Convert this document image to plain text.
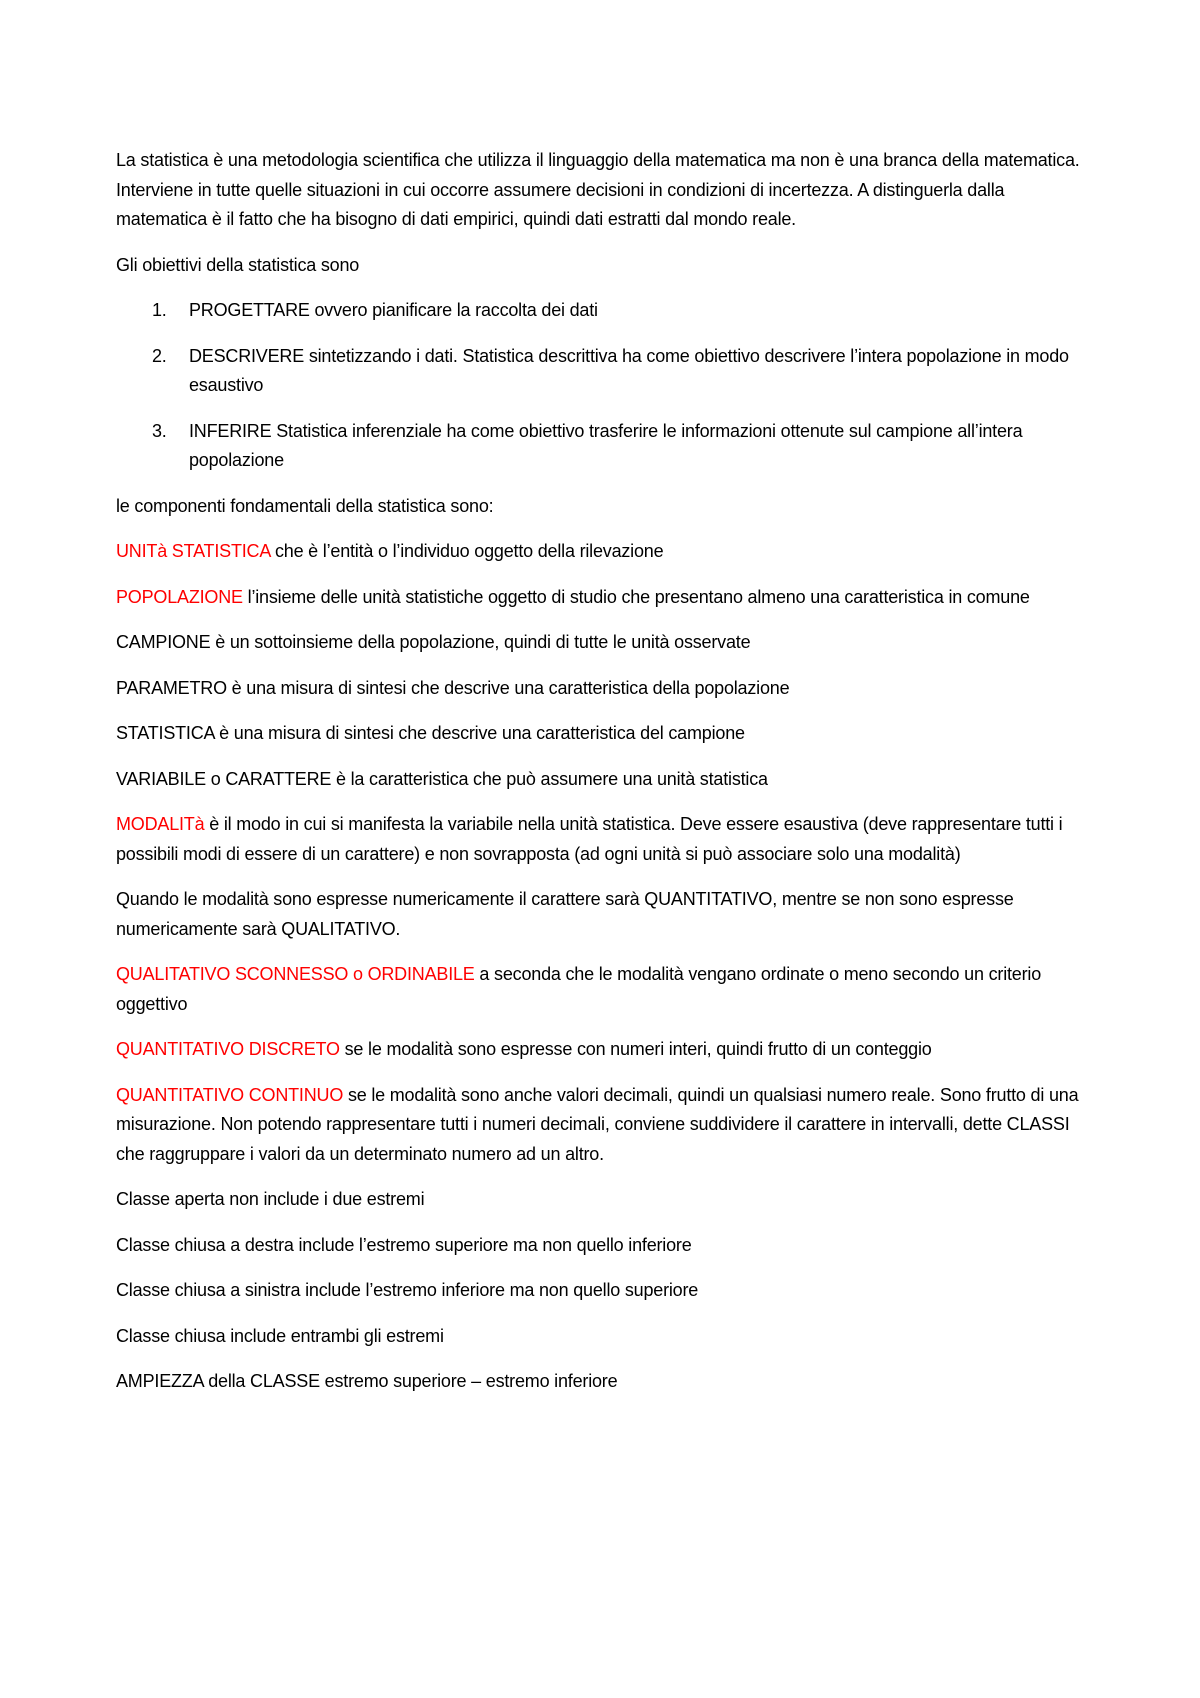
La statistica è una metodologia scientifica che utilizza il linguaggio della matematica ma non è una branca della matematica. Interviene in tutte quelle situazioni in cui occorre assumere decisioni in condizioni di incertezza. A distinguerla dalla matematica è il fatto che ha bisogno di dati empirici, quindi dati estratti dal mondo reale.

Gli obiettivi della statistica sono

1. PROGETTARE ovvero pianificare la raccolta dei dati
2. DESCRIVERE sintetizzando i dati. Statistica descrittiva ha come obiettivo descrivere l’intera popolazione in modo esaustivo
3. INFERIRE Statistica inferenziale ha come obiettivo trasferire le informazioni ottenute sul campione all’intera popolazione

le componenti fondamentali della statistica sono:

UNITà STATISTICA che è l’entità o l’individuo oggetto della rilevazione

POPOLAZIONE l’insieme delle unità statistiche oggetto di studio che presentano almeno una caratteristica in comune

CAMPIONE è un sottoinsieme della popolazione, quindi di tutte le unità osservate

PARAMETRO è una misura di sintesi che descrive una caratteristica della popolazione

STATISTICA è una misura di sintesi che descrive una caratteristica del campione

VARIABILE o CARATTERE è la caratteristica che può assumere una unità statistica

MODALITà è il modo in cui si manifesta la variabile nella unità statistica. Deve essere esaustiva (deve rappresentare tutti i possibili modi di essere di un carattere) e non sovrapposta (ad ogni unità si può associare solo una modalità)

Quando le modalità sono espresse numericamente il carattere sarà QUANTITATIVO, mentre se non sono espresse numericamente sarà QUALITATIVO.

QUALITATIVO SCONNESSO o ORDINABILE a seconda che le modalità vengano ordinate o meno secondo un criterio oggettivo

QUANTITATIVO DISCRETO se le modalità sono espresse con numeri interi, quindi frutto di un conteggio

QUANTITATIVO CONTINUO se le modalità sono anche valori decimali, quindi un qualsiasi numero reale. Sono frutto di una misurazione. Non potendo rappresentare tutti i numeri decimali, conviene suddividere il carattere in intervalli, dette CLASSI che raggruppare i valori da un determinato numero ad un altro.

Classe aperta non include i due estremi

Classe chiusa a destra include l’estremo superiore ma non quello inferiore

Classe chiusa a sinistra include l’estremo inferiore ma non quello superiore

Classe chiusa include entrambi gli estremi

AMPIEZZA della CLASSE estremo superiore – estremo inferiore
